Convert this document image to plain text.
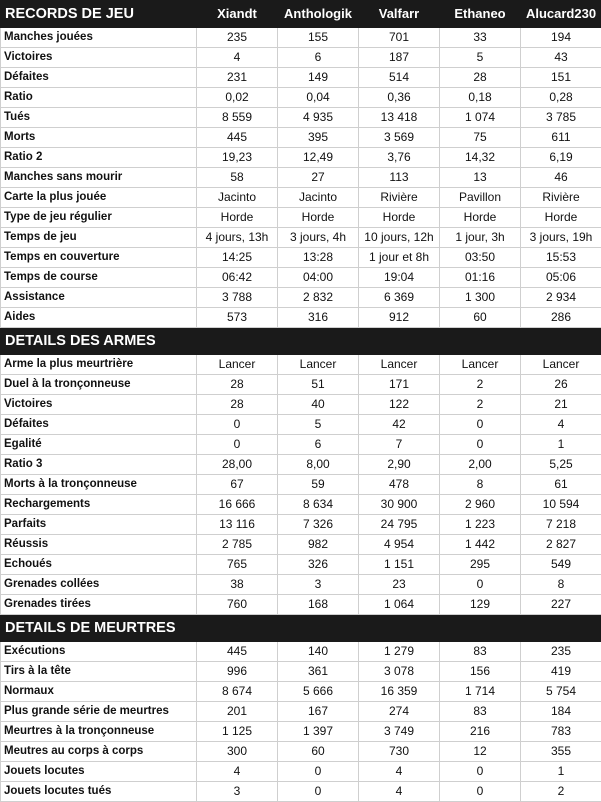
RECORDS DE JEU	Xiandt	Anthologik	Valfarr	Ethaneo	Alucard230
Manches jouées	235	155	701	33	194
Victoires	4	6	187	5	43
Défaites	231	149	514	28	151
Ratio	0,02	0,04	0,36	0,18	0,28
Tués	8 559	4 935	13 418	1 074	3 785
Morts	445	395	3 569	75	611
Ratio 2	19,23	12,49	3,76	14,32	6,19
Manches sans mourir	58	27	113	13	46
Carte la plus jouée	Jacinto	Jacinto	Rivière	Pavillon	Rivière
Type de jeu régulier	Horde	Horde	Horde	Horde	Horde
Temps de jeu	4 jours, 13h	3 jours, 4h	10 jours, 12h	1 jour, 3h	3 jours, 19h
Temps en couverture	14:25	13:28	1 jour et 8h	03:50	15:53
Temps de course	06:42	04:00	19:04	01:16	05:06
Assistance	3 788	2 832	6 369	1 300	2 934
Aides	573	316	912	60	286
DETAILS DES ARMES					
Arme la plus meurtrière	Lancer	Lancer	Lancer	Lancer	Lancer
Duel à la tronçonneuse	28	51	171	2	26
Victoires	28	40	122	2	21
Défaites	0	5	42	0	4
Egalité	0	6	7	0	1
Ratio 3	28,00	8,00	2,90	2,00	5,25
Morts à la tronçonneuse	67	59	478	8	61
Rechargements	16 666	8 634	30 900	2 960	10 594
Parfaits	13 116	7 326	24 795	1 223	7 218
Réussis	2 785	982	4 954	1 442	2 827
Echoués	765	326	1 151	295	549
Grenades collées	38	3	23	0	8
Grenades tirées	760	168	1 064	129	227
DETAILS DE MEURTRES					
Exécutions	445	140	1 279	83	235
Tirs à la tête	996	361	3 078	156	419
Normaux	8 674	5 666	16 359	1 714	5 754
Plus grande série de meurtres	201	167	274	83	184
Meurtres à la tronçonneuse	1 125	1 397	3 749	216	783
Meutres au corps à corps	300	60	730	12	355
Jouets locutes	4	0	4	0	1
Jouets locutes tués	3	0	4	0	2
